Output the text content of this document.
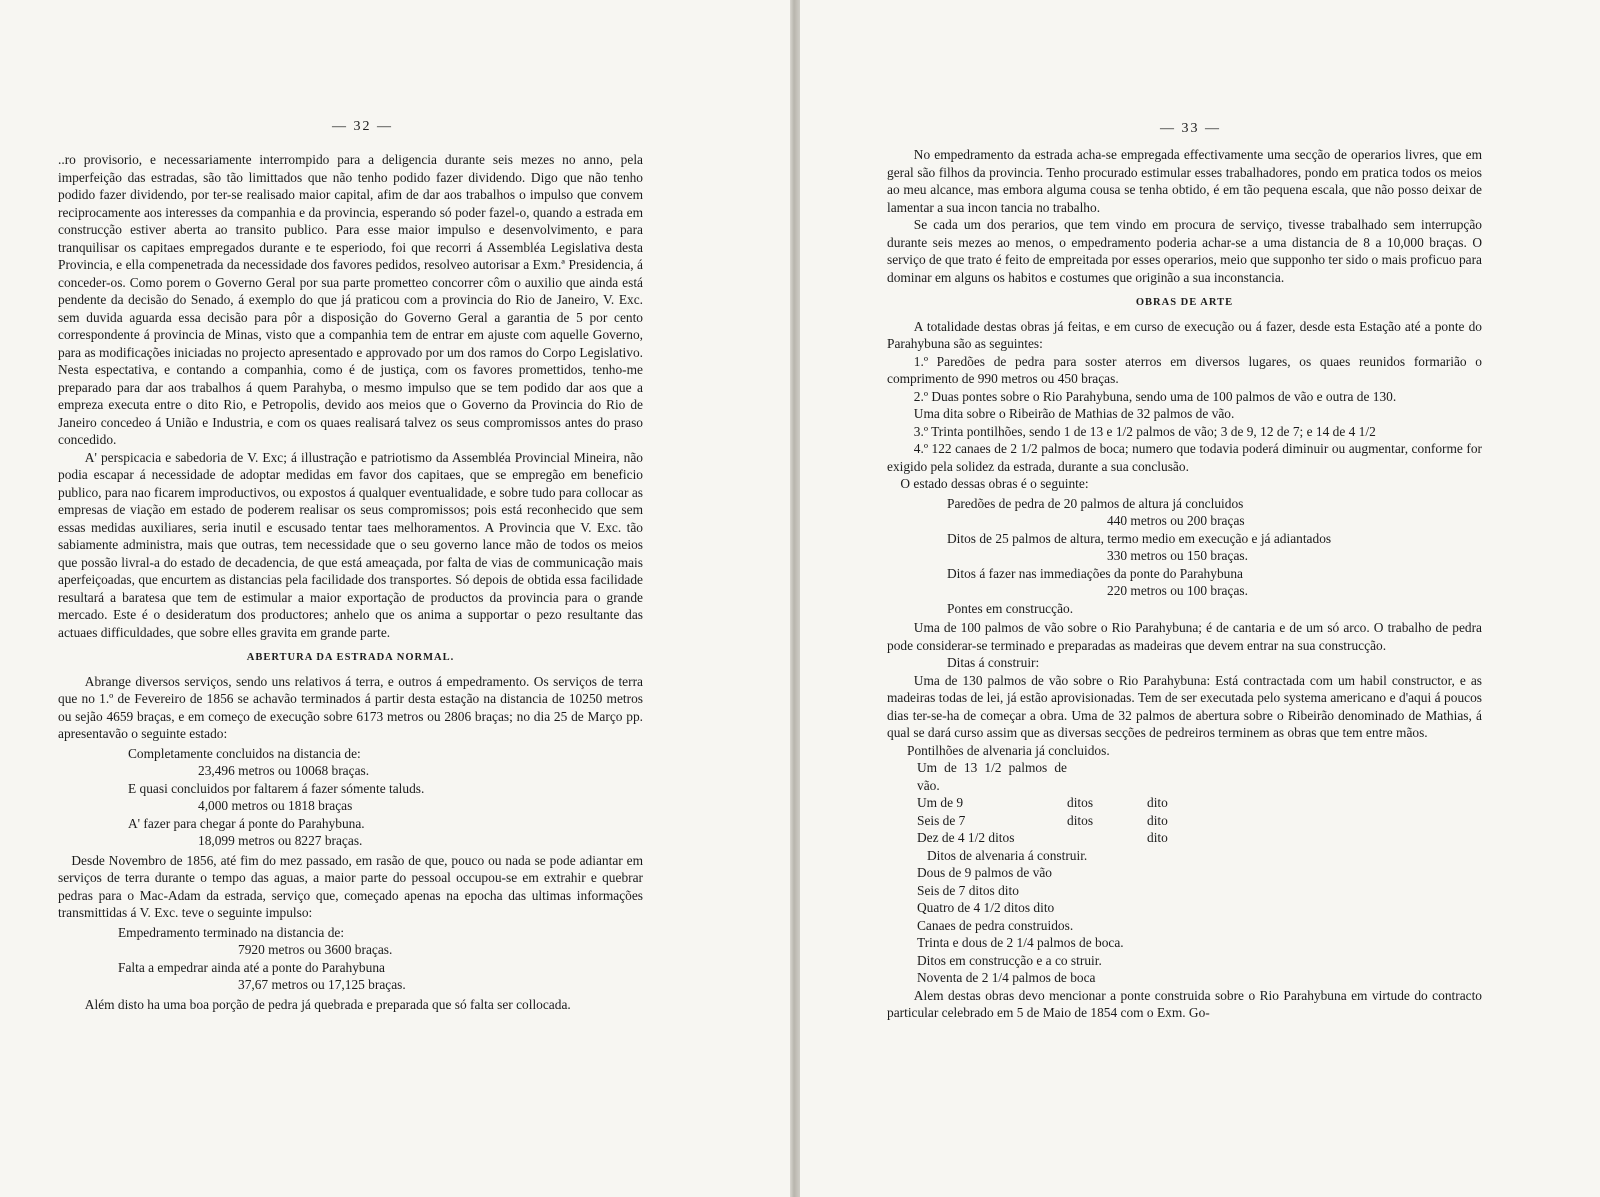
— 32 —

..ro provisorio, e necessariamente interrompido para a deligencia durante seis mezes no anno, pela imperfeição das estradas, são tão limittados que não tenho podido fazer dividendo. Digo que não tenho podido fazer dividendo, por ter-se realisado maior capital, afim de dar aos trabalhos o impulso que convem reciprocamente aos interesses da companhia e da provincia, esperando só poder fazel-o, quando a estrada em construcção estiver aberta ao transito publico. Para esse maior impulso e desenvolvimento, e para tranquilisar os capitaes empregados durante e te esperiodo, foi que recorri á Assembléa Legislativa desta Provincia, e ella compenetrada da necessidade dos favores pedidos, resolveo autorisar a Exm.ª Presidencia, á conceder-os. Como porem o Governo Geral por sua parte prometteo concorrer côm o auxilio que ainda está pendente da decisão do Senado, á exemplo do que já praticou com a provincia do Rio de Janeiro, V. Exc. sem duvida aguarda essa decisão para pôr a disposição do Governo Geral a garantia de 5 por cento correspondente á provincia de Minas, visto que a companhia tem de entrar em ajuste com aquelle Governo, para as modificações iniciadas no projecto apresentado e approvado por um dos ramos do Corpo Legislativo. Nesta espectativa, e contando a companhia, como é de justiça, com os favores promettidos, tenho-me preparado para dar aos trabalhos á quem Parahyba, o mesmo impulso que se tem podido dar aos que a empreza executa entre o dito Rio, e Petropolis, devido aos meios que o Governo da Provincia do Rio de Janeiro concedeo á União e Industria, e com os quaes realisará talvez os seus compromissos antes do praso concedido.

A' perspicacia e sabedoria de V. Exc; á illustração e patriotismo da Assembléa Provincial Mineira, não podia escapar á necessidade de adoptar medidas em favor dos capitaes, que se empregão em beneficio publico, para nao ficarem improductivos, ou expostos á qualquer eventualidade, e sobre tudo para collocar as empresas de viação em estado de poderem realisar os seus compromissos; pois está reconhecido que sem essas medidas auxiliares, seria inutil e escusado tentar taes melhoramentos. A Provincia que V. Exc. tão sabiamente administra, mais que outras, tem necessidade que o seu governo lance mão de todos os meios que possão livral-a do estado de decadencia, de que está ameaçada, por falta de vias de communicação mais aperfeiçoadas, que encurtem as distancias pela facilidade dos transportes. Só depois de obtida essa facilidade resultará a baratesa que tem de estimular a maior exportação de productos da provincia para o grande mercado. Este é o desideratum dos productores; anhelo que os anima a supportar o pezo resultante das actuaes difficuldades, que sobre elles gravita em grande parte.

ABERTURA DA ESTRADA NORMAL.

Abrange diversos serviços, sendo uns relativos á terra, e outros á empedramento. Os serviços de terra que no 1.º de Fevereiro de 1856 se achavão terminados á partir desta estação na distancia de 10250 metros ou sejão 4659 braças, e em começo de execução sobre 6173 metros ou 2806 braças; no dia 25 de Março pp. apresentavão o seguinte estado:

Completamente concluidos na distancia de:
23,496 metros ou 10068 braças.
E quasi concluidos por faltarem á fazer sómente taluds.
4,000 metros ou 1818 braças
A' fazer para chegar á ponte do Parahybuna.
18,099 metros ou 8227 braças.

Desde Novembro de 1856, até fim do mez passado, em rasão de que, pouco ou nada se pode adiantar em serviços de terra durante o tempo das aguas, a maior parte do pessoal occupou-se em extrahir e quebrar pedras para o Mac-Adam da estrada, serviço que, começado apenas na epocha das ultimas informações transmittidas á V. Exc. teve o seguinte impulso:

Empedramento terminado na distancia de:
7920 metros ou 3600 braças.
Falta a empedrar ainda até a ponte do Parahybuna
37,67 metros ou 17,125 braças.

Além disto ha uma boa porção de pedra já quebrada e preparada que só falta ser collocada.

— 33 —

No empedramento da estrada acha-se empregada effectivamente uma secção de operarios livres, que em geral são filhos da provincia. Tenho procurado estimular esses trabalhadores, pondo em pratica todos os meios ao meu alcance, mas embora alguma cousa se tenha obtido, é em tão pequena escala, que não posso deixar de lamentar a sua incon tancia no trabalho.

Se cada um dos perarios, que tem vindo em procura de serviço, tivesse trabalhado sem interrupção durante seis mezes ao menos, o empedramento poderia achar-se a uma distancia de 8 a 10,000 braças. O serviço de que trato é feito de empreitada por esses operarios, meio que supponho ter sido o mais proficuo para dominar em alguns os habitos e costumes que originão a sua inconstancia.

OBRAS DE ARTE

A totalidade destas obras já feitas, e em curso de execução ou á fazer, desde esta Estação até a ponte do Parahybuna são as seguintes:

1.º Paredões de pedra para soster aterros em diversos lugares, os quaes reunidos formarião o comprimento de 990 metros ou 450 braças.

2.º Duas pontes sobre o Rio Parahybuna, sendo uma de 100 palmos de vão e outra de 130.

Uma dita sobre o Ribeirão de Mathias de 32 palmos de vão.

3.º Trinta pontilhões, sendo 1 de 13 e 1/2 palmos de vão; 3 de 9, 12 de 7; e 14 de 4 1/2

4.º 122 canaes de 2 1/2 palmos de boca; numero que todavia poderá diminuir ou augmentar, conforme for exigido pela solidez da estrada, durante a sua conclusão.

O estado dessas obras é o seguinte:

Paredões de pedra de 20 palmos de altura já concluidos
440 metros ou 200 braças
Ditos de 25 palmos de altura, termo medio em execução e já adiantados
330 metros ou 150 braças.
Ditos á fazer nas immediações da ponte do Parahybuna
220 metros ou 100 braças.
Pontes em construcção.

Uma de 100 palmos de vão sobre o Rio Parahybuna; é de cantaria e de um só arco. O trabalho de pedra pode considerar-se terminado e preparadas as madeiras que devem entrar na sua construcção.

Ditas á construir:

Uma de 130 palmos de vão sobre o Rio Parahybuna: Está contractada com um habil constructor, e as madeiras todas de lei, já estão aprovisionadas. Tem de ser executada pelo systema americano e d'aqui á poucos dias ter-se-ha de começar a obra. Uma de 32 palmos de abertura sobre o Ribeirão denominado de Mathias, á qual se dará curso assim que as diversas secções de pedreiros terminem as obras que tem entre mãos.

Pontilhões de alvenaria já concluidos.
Um de 13 1/2 palmos de vão.
Um de 9	ditos	dito
Seis de 7	ditos	dito
Dez de 4 1/2 ditos	dito
Ditos de alvenaria á construir.
Dous de 9 palmos de vão
Seis de 7 ditos dito
Quatro de 4 1/2 ditos dito
Canaes de pedra construidos.
Trinta e dous de 2 1/4 palmos de boca.
Ditos em construcção e a co struir.
Noventa de 2 1/4 palmos de boca

Alem destas obras devo mencionar a ponte construida sobre o Rio Parahybuna em virtude do contracto particular celebrado em 5 de Maio de 1854 com o Exm. Go-
